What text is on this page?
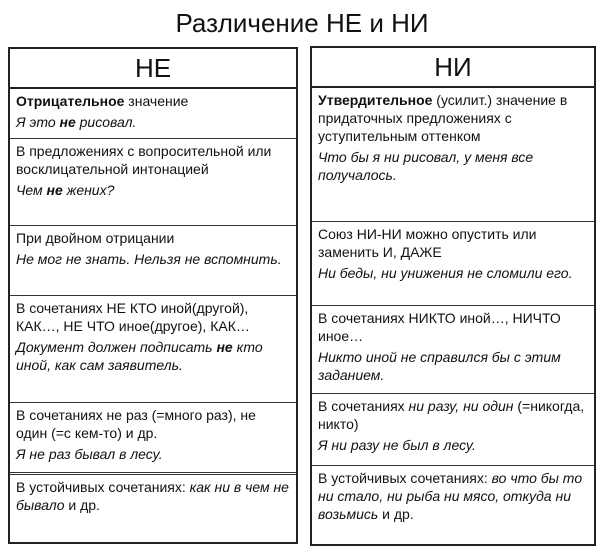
Различение НЕ и НИ
НЕ

Отрицательное значение

Я это не рисовал.

В предложениях с вопросительной или восклицательной интонацией

Чем не жених?

При двойном отрицании

Не мог не знать. Нельзя не вспомнить.

В сочетаниях НЕ КТО иной(другой), КАК…, НЕ ЧТО иное(другое), КАК…

Документ должен подписать не кто иной, как сам заявитель.

В сочетаниях не раз (=много раз), не один (=с кем-то) и др.

Я не раз бывал в лесу.

В устойчивых сочетаниях: как ни в чем не бывало и др.

НИ

Утвердительное (усилит.) значение в придаточных предложениях с уступительным оттенком

Что бы я ни рисовал, у меня все получалось.

Союз НИ-НИ можно опустить или заменить И, ДАЖЕ

Ни беды, ни унижения не сломили его.

В сочетаниях НИКТО иной…, НИЧТО иное…

Никто иной не справился бы с этим заданием.

В сочетаниях ни разу, ни один (=никогда, никто)

Я ни разу не был в лесу.

В устойчивых сочетаниях: во что бы то ни стало, ни рыба ни мясо, откуда ни возьмись и др.
